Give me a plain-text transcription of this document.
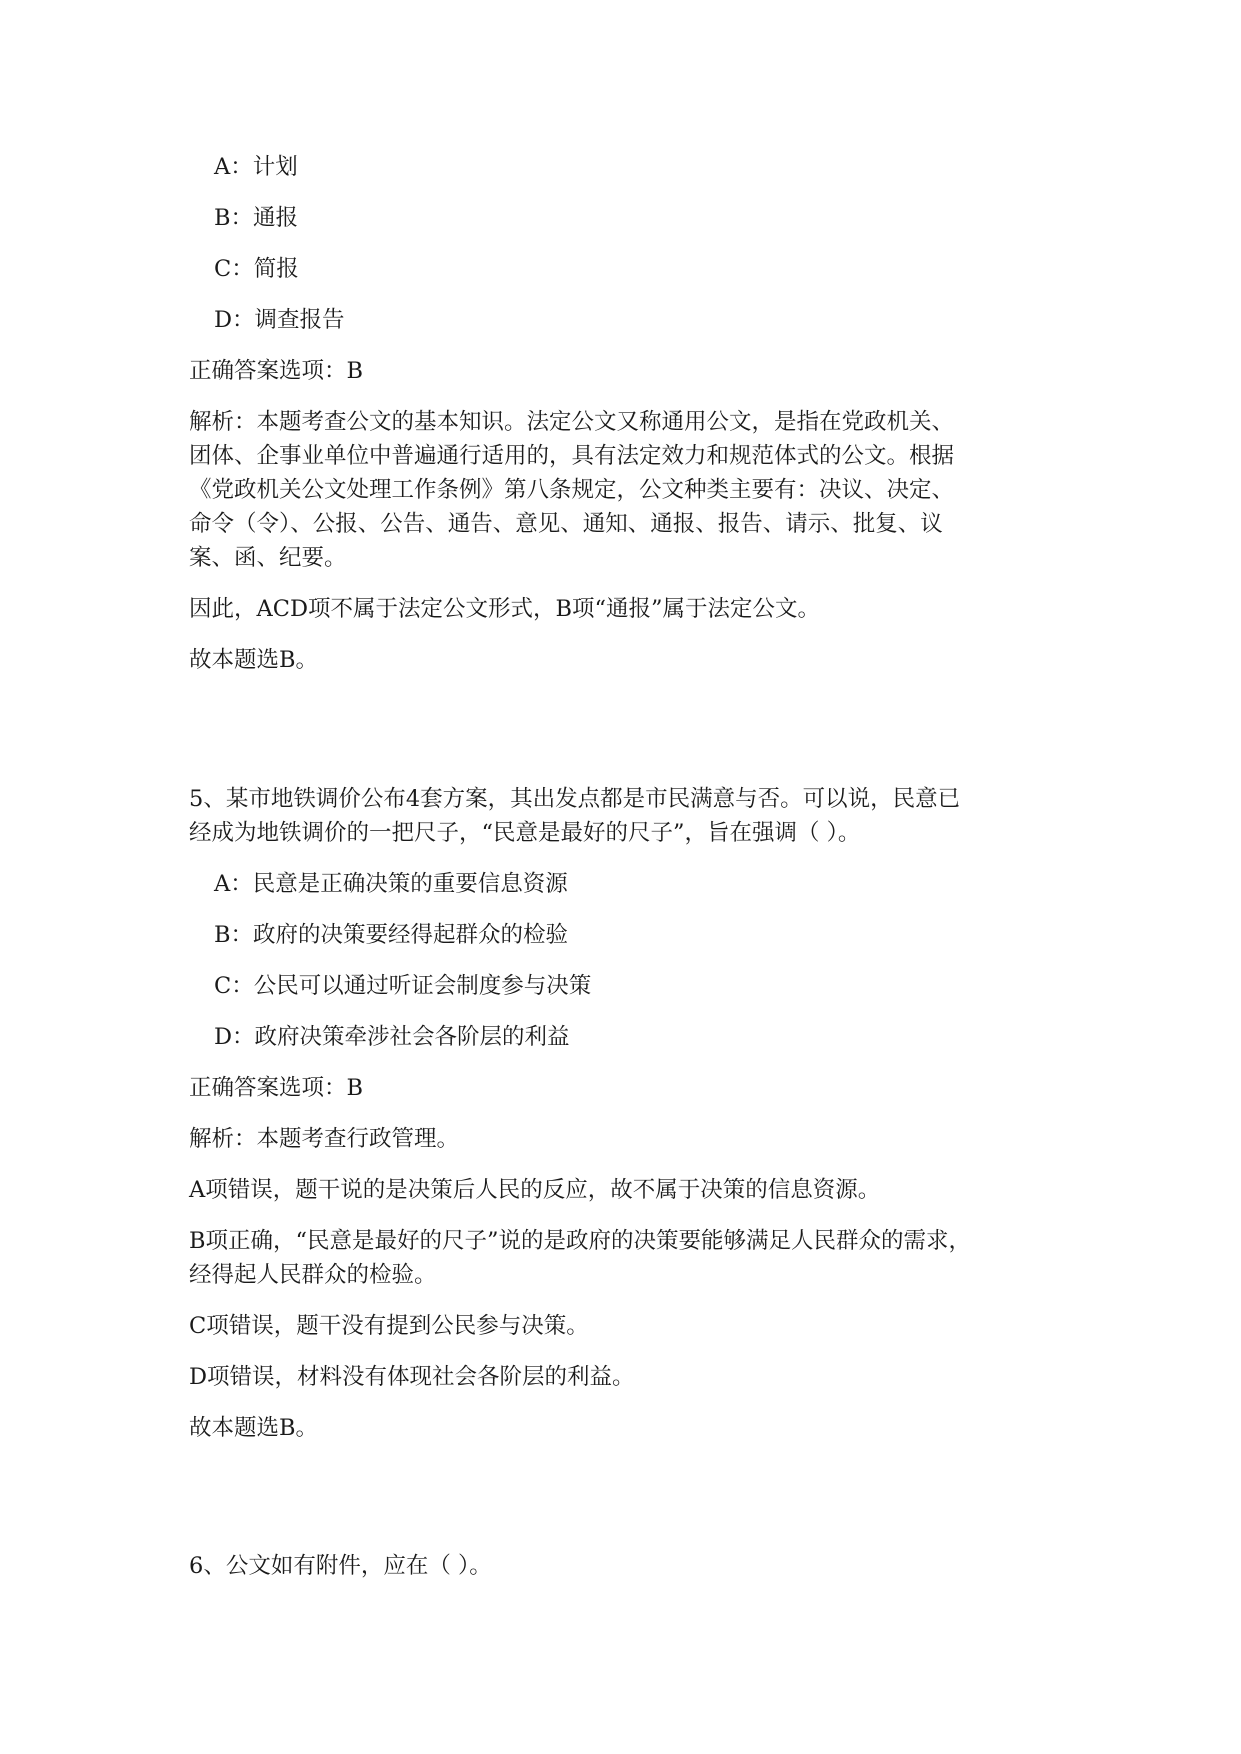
A：计划
B：通报
C：简报
D：调查报告
正确答案选项：B
解析：本题考查公文的基本知识。法定公文又称通用公文，是指在党政机关、
团体、企事业单位中普遍通行适用的，具有法定效力和规范体式的公文。根据
《党政机关公文处理工作条例》第八条规定，公文种类主要有：决议、决定、
命令（令）、公报、公告、通告、意见、通知、通报、报告、请示、批复、议
案、函、纪要。
因此，ACD项不属于法定公文形式，B项“通报”属于法定公文。
故本题选B。
5、某市地铁调价公布4套方案，其出发点都是市民满意与否。可以说，民意已
经成为地铁调价的一把尺子，“民意是最好的尺子”，旨在强调（ ）。
A：民意是正确决策的重要信息资源
B：政府的决策要经得起群众的检验
C：公民可以通过听证会制度参与决策
D：政府决策牵涉社会各阶层的利益
正确答案选项：B
解析：本题考查行政管理。
A项错误，题干说的是决策后人民的反应，故不属于决策的信息资源。
B项正确，“民意是最好的尺子”说的是政府的决策要能够满足人民群众的需求，
经得起人民群众的检验。
C项错误，题干没有提到公民参与决策。
D项错误，材料没有体现社会各阶层的利益。
故本题选B。
6、公文如有附件，应在（ ）。
